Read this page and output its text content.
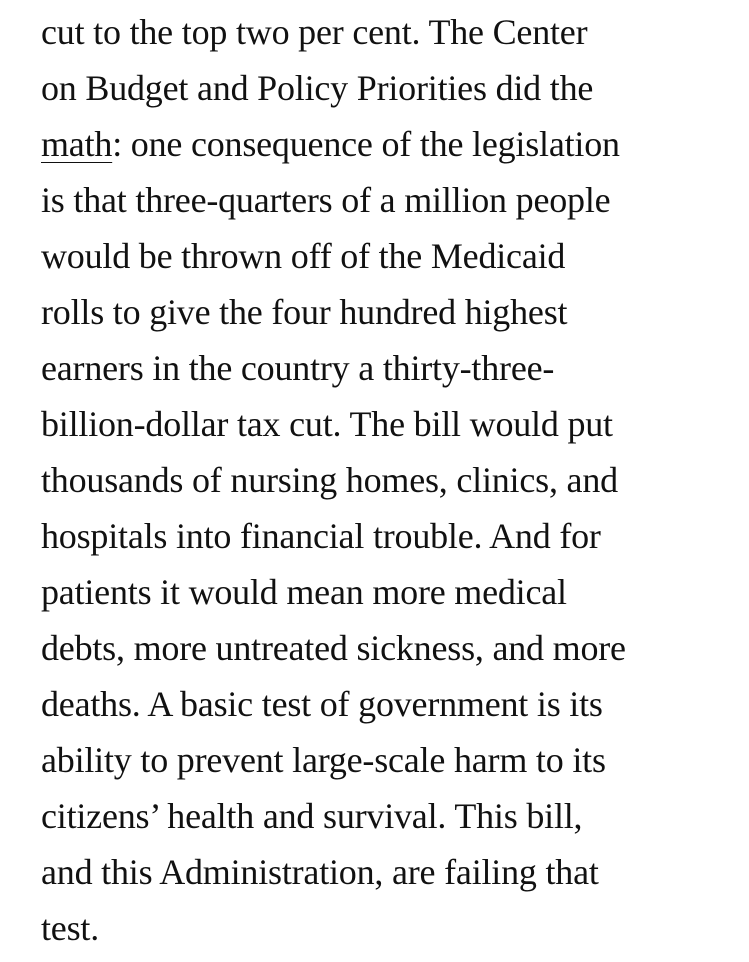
cut to the top two per cent. The Center

on Budget and Policy Priorities did the

math: one consequence of the legislation

is that three-quarters of a million people

would be thrown off of the Medicaid

rolls to give the four hundred highest

earners in the country a thirty-three-

billion-dollar tax cut. The bill would put

thousands of nursing homes, clinics, and

hospitals into financial trouble. And for

patients it would mean more medical

debts, more untreated sickness, and more

deaths. A basic test of government is its

ability to prevent large-scale harm to its

citizens’ health and survival. This bill,

and this Administration, are failing that

test.
